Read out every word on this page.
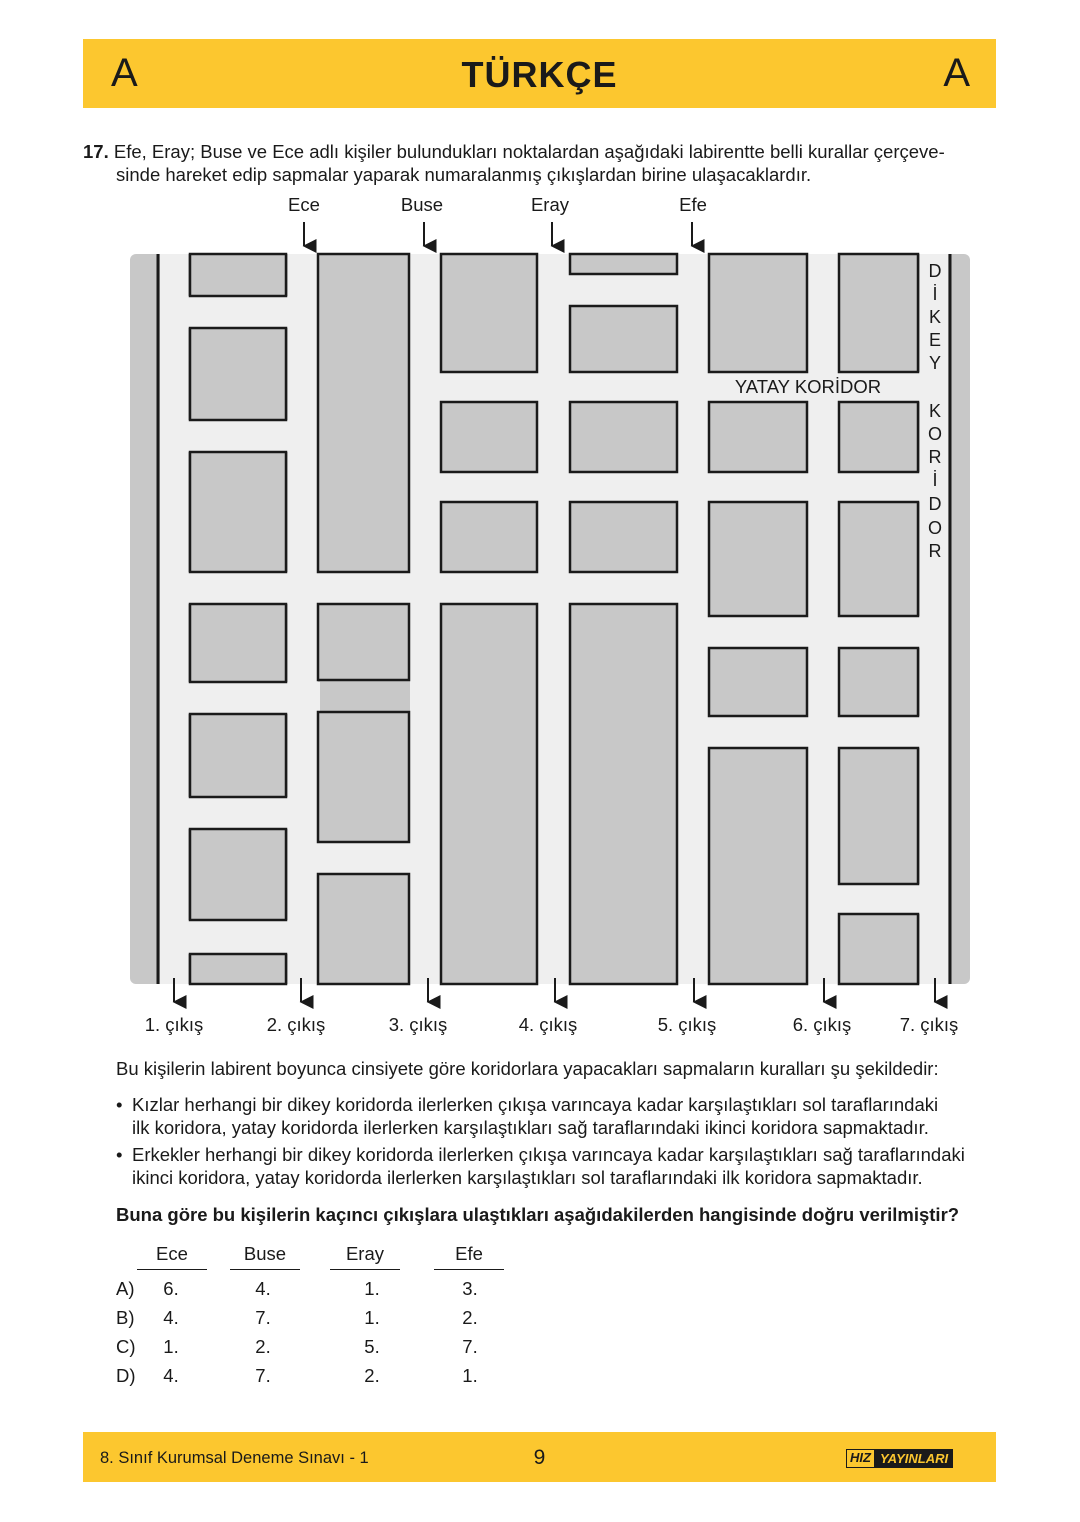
A	TÜRKÇE	A
17. Efe, Eray; Buse ve Ece adlı kişiler bulundukları noktalardan aşağıdaki labirentte belli kurallar çerçeve-
sinde hareket edip sapmalar yaparak numaralanmış çıkışlardan birine ulaşacaklardır.
Ece	Buse	Eray	Efe
YATAY KORİDOR
D
İ
K
E
Y
K
O
R
İ
D
O
R
1. çıkış	2. çıkış	3. çıkış	4. çıkış	5. çıkış	6. çıkış	7. çıkış
Bu kişilerin labirent boyunca cinsiyete göre koridorlara yapacakları sapmaların kuralları şu şekildedir:
• Kızlar herhangi bir dikey koridorda ilerlerken çıkışa varıncaya kadar karşılaştıkları sol taraflarındaki
ilk koridora, yatay koridorda ilerlerken karşılaştıkları sağ taraflarındaki ikinci koridora sapmaktadır.
• Erkekler herhangi bir dikey koridorda ilerlerken çıkışa varıncaya kadar karşılaştıkları sağ taraflarındaki
ikinci koridora, yatay koridorda ilerlerken karşılaştıkları sol taraflarındaki ilk koridora sapmaktadır.
Buna göre bu kişilerin kaçıncı çıkışlara ulaştıkları aşağıdakilerden hangisinde doğru verilmiştir?
Ece	Buse	Eray	Efe
A)	6.	4.	1.	3.
B)	4.	7.	1.	2.
C)	1.	2.	5.	7.
D)	4.	7.	2.	1.
8. Sınıf Kurumsal Deneme Sınavı - 1	9	HIZ YAYINLARI
